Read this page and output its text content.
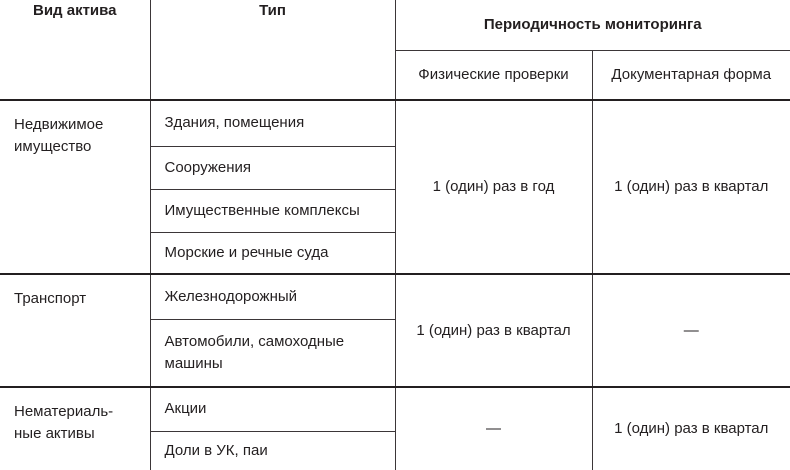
Вид актива	Тип	Периодичность мониторинга	
		Физические проверки	Документарная форма
Недвижимое имущество	Здания, помещения	1 (один) раз в год	1 (один) раз в квартал
	Сооружения		
	Имущественные комплексы		
	Морские и речные суда		
Транспорт	Железнодорожный	1 (один) раз в квартал	—
	Автомобили, самоходные машины		
Нематериаль-ные активы	Акции	—	1 (один) раз в квартал
	Доли в УК, паи		
